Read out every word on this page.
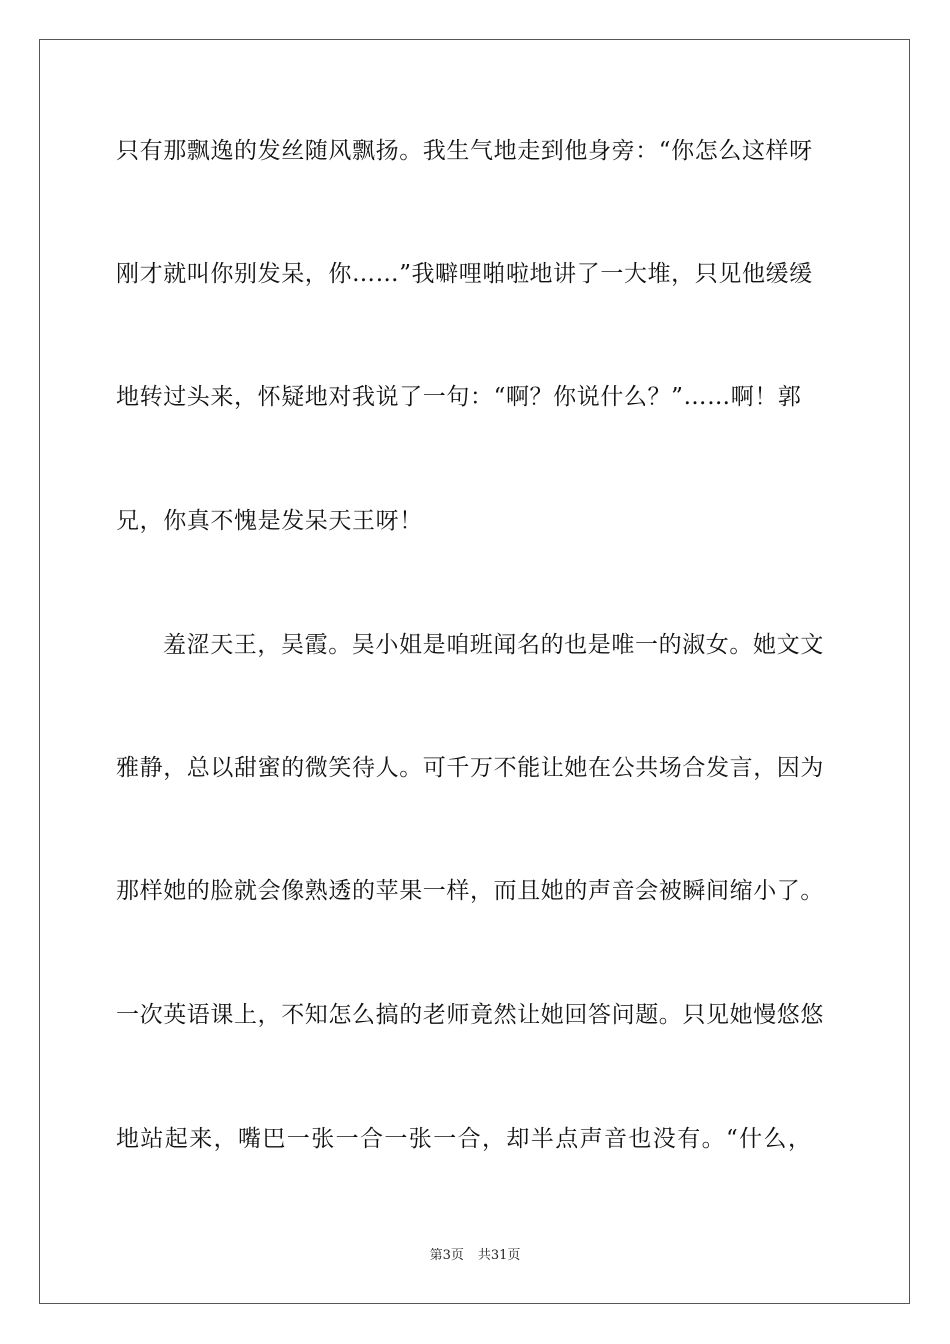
只有那飘逸的发丝随风飘扬。我生气地走到他身旁：“你怎么这样呀
刚才就叫你别发呆，你……”我噼哩啪啦地讲了一大堆，只见他缓缓
地转过头来，怀疑地对我说了一句：“啊？你说什么？”……啊！郭
兄，你真不愧是发呆天王呀！
羞涩天王，吴霞。吴小姐是咱班闻名的也是唯一的淑女。她文文
雅静，总以甜蜜的微笑待人。可千万不能让她在公共场合发言，因为
那样她的脸就会像熟透的苹果一样，而且她的声音会被瞬间缩小了。
一次英语课上，不知怎么搞的老师竟然让她回答问题。只见她慢悠悠
地站起来，嘴巴一张一合一张一合，却半点声音也没有。“什么，
第3页 共31页
